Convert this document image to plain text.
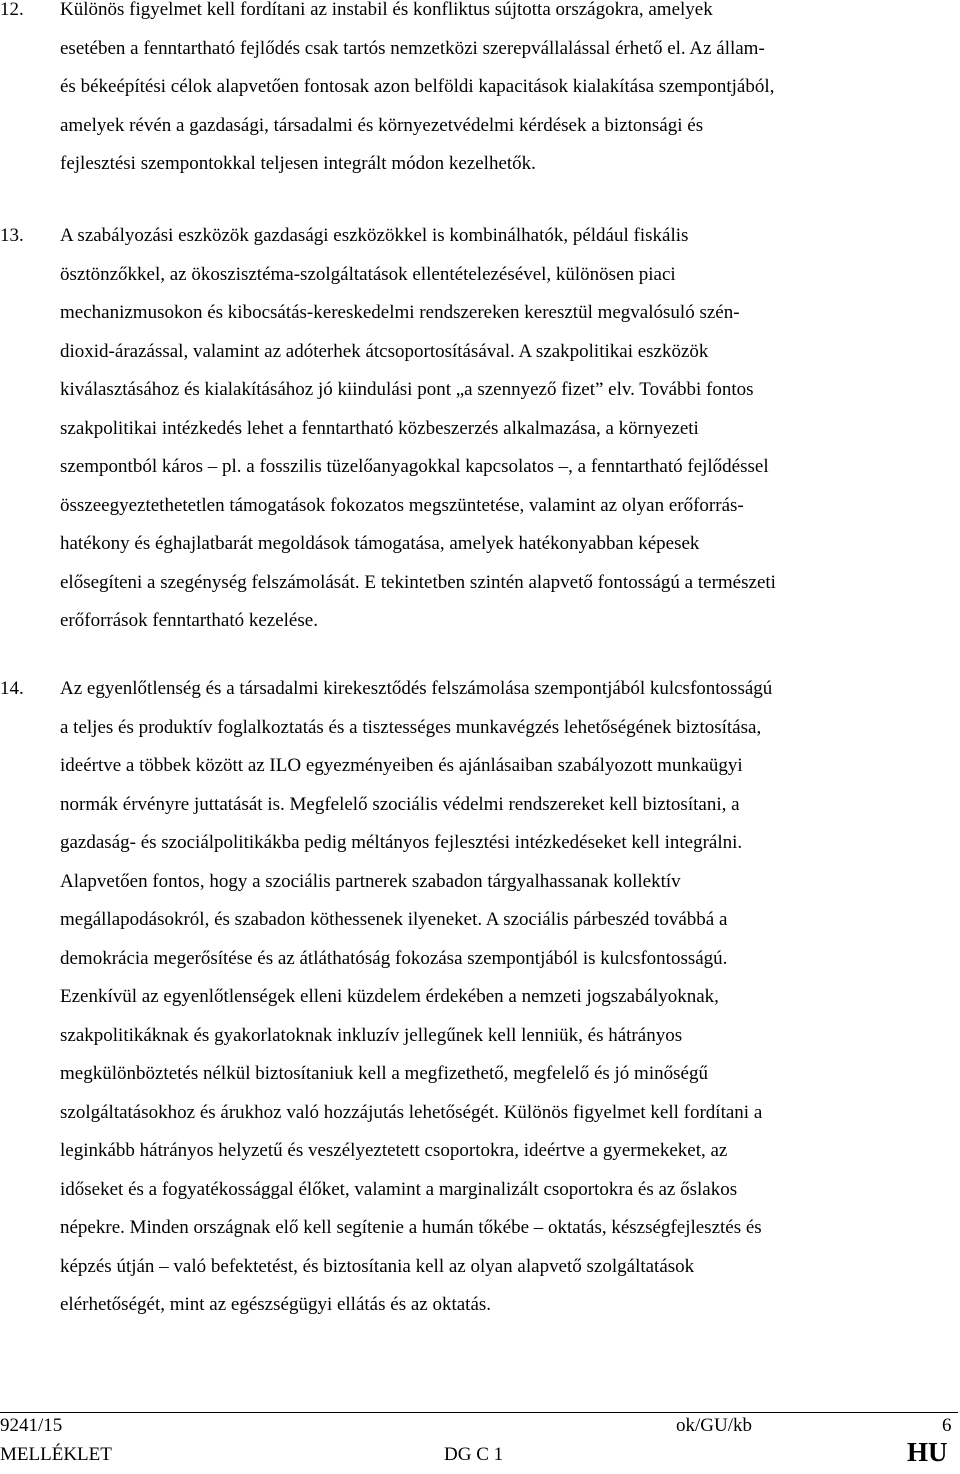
12.	Különös figyelmet kell fordítani az instabil és konfliktus sújtotta országokra, amelyek
esetében a fenntartható fejlődés csak tartós nemzetközi szerepvállalással érhető el. Az állam-
és békeépítési célok alapvetően fontosak azon belföldi kapacitások kialakítása szempontjából,
amelyek révén a gazdasági, társadalmi és környezetvédelmi kérdések a biztonsági és
fejlesztési szempontokkal teljesen integrált módon kezelhetők.
13.	A szabályozási eszközök gazdasági eszközökkel is kombinálhatók, például fiskális
ösztönzőkkel, az ökoszisztéma-szolgáltatások ellentételezésével, különösen piaci
mechanizmusokon és kibocsátás-kereskedelmi rendszereken keresztül megvalósuló szén-
dioxid-árazással, valamint az adóterhek átcsoportosításával. A szakpolitikai eszközök
kiválasztásához és kialakításához jó kiindulási pont „a szennyező fizet” elv. További fontos
szakpolitikai intézkedés lehet a fenntartható közbeszerzés alkalmazása, a környezeti
szempontból káros – pl. a fosszilis tüzelőanyagokkal kapcsolatos –, a fenntartható fejlődéssel
összeegyeztethetetlen támogatások fokozatos megszüntetése, valamint az olyan erőforrás-
hatékony és éghajlatbarát megoldások támogatása, amelyek hatékonyabban képesek
elősegíteni a szegénység felszámolását. E tekintetben szintén alapvető fontosságú a természeti
erőforrások fenntartható kezelése.
14.	Az egyenlőtlenség és a társadalmi kirekesztődés felszámolása szempontjából kulcsfontosságú
a teljes és produktív foglalkoztatás és a tisztességes munkavégzés lehetőségének biztosítása,
ideértve a többek között az ILO egyezményeiben és ajánlásaiban szabályozott munkaügyi
normák érvényre juttatását is. Megfelelő szociális védelmi rendszereket kell biztosítani, a
gazdaság- és szociálpolitikákba pedig méltányos fejlesztési intézkedéseket kell integrálni.
Alapvetően fontos, hogy a szociális partnerek szabadon tárgyalhassanak kollektív
megállapodásokról, és szabadon köthessenek ilyeneket. A szociális párbeszéd továbbá a
demokrácia megerősítése és az átláthatóság fokozása szempontjából is kulcsfontosságú.
Ezenkívül az egyenlőtlenségek elleni küzdelem érdekében a nemzeti jogszabályoknak,
szakpolitikáknak és gyakorlatoknak inkluzív jellegűnek kell lenniük, és hátrányos
megkülönböztetés nélkül biztosítaniuk kell a megfizethető, megfelelő és jó minőségű
szolgáltatásokhoz és árukhoz való hozzájutás lehetőségét. Különös figyelmet kell fordítani a
leginkább hátrányos helyzetű és veszélyeztetett csoportokra, ideértve a gyermekeket, az
időseket és a fogyatékossággal élőket, valamint a marginalizált csoportokra és az őslakos
népekre. Minden országnak elő kell segítenie a humán tőkébe – oktatás, készségfejlesztés és
képzés útján – való befektetést, és biztosítania kell az olyan alapvető szolgáltatások
elérhetőségét, mint az egészségügyi ellátás és az oktatás.
9241/15	ok/GU/kb	6
MELLÉKLET	DG C 1	HU
